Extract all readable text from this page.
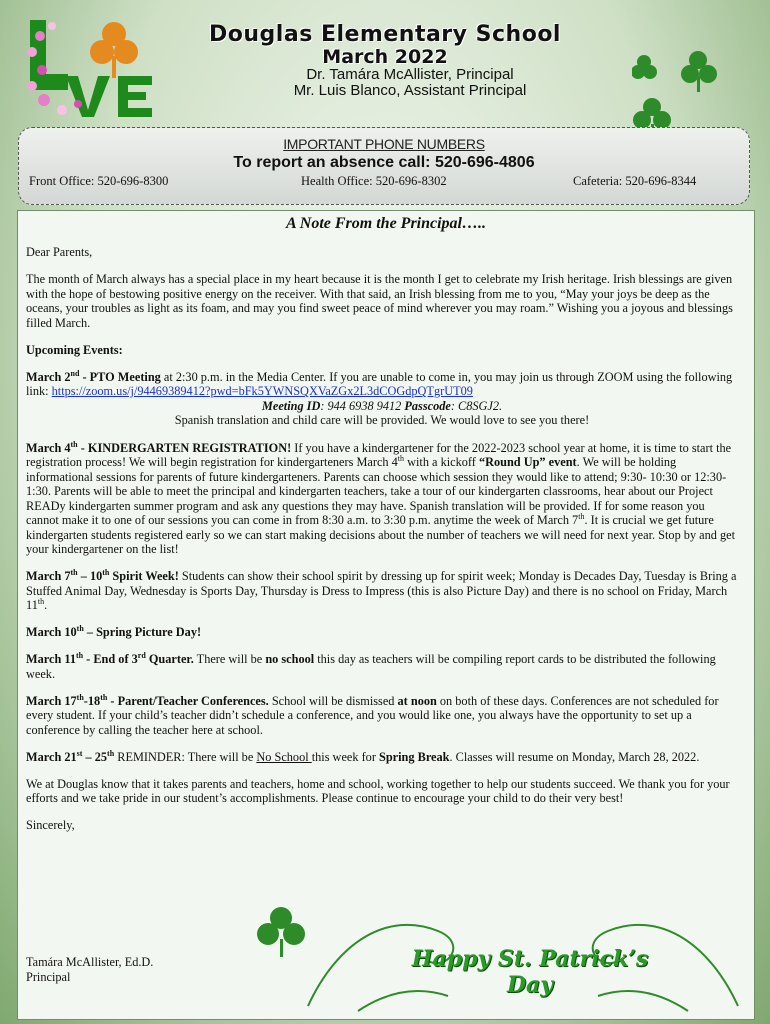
Douglas Elementary School
March 2022
Dr. Tamára McAllister, Principal
Mr. Luis Blanco, Assistant Principal
IMPORTANT PHONE NUMBERS
To report an absence call: 520-696-4806
Front Office: 520-696-8300	Health Office: 520-696-8302	Cafeteria: 520-696-8344
A Note From the Principal…..

Dear Parents,

The month of March always has a special place in my heart because it is the month I get to celebrate my Irish heritage. Irish blessings are given with the hope of bestowing positive energy on the receiver. With that said, an Irish blessing from me to you, “May your joys be deep as the oceans, your troubles as light as its foam, and may you find sweet peace of mind wherever you may roam.” Wishing you a joyous and blessings filled March.

Upcoming Events:

March 2nd - PTO Meeting at 2:30 p.m. in the Media Center. If you are unable to come in, you may join us through ZOOM using the following link: https://zoom.us/j/94469389412?pwd=bFk5YWNSQXVaZGx2L3dCOGdpQTgrUT09

Meeting ID: 944 6938 9412 Passcode: C8SGJ2.
Spanish translation and child care will be provided. We would love to see you there!

March 4th - KINDERGARTEN REGISTRATION! If you have a kindergartener for the 2022-2023 school year at home, it is time to start the registration process! We will begin registration for kindergarteners March 4th with a kickoff “Round Up” event. We will be holding informational sessions for parents of future kindergarteners. Parents can choose which session they would like to attend; 9:30- 10:30 or 12:30-1:30. Parents will be able to meet the principal and kindergarten teachers, take a tour of our kindergarten classrooms, hear about our Project READy kindergarten summer program and ask any questions they may have. Spanish translation will be provided. If for some reason you cannot make it to one of our sessions you can come in from 8:30 a.m. to 3:30 p.m. anytime the week of March 7th. It is crucial we get future kindergarten students registered early so we can start making decisions about the number of teachers we will need for next year. Stop by and get your kindergartener on the list!

March 7th – 10th Spirit Week! Students can show their school spirit by dressing up for spirit week; Monday is Decades Day, Tuesday is Bring a Stuffed Animal Day, Wednesday is Sports Day, Thursday is Dress to Impress (this is also Picture Day) and there is no school on Friday, March 11th.

March 10th – Spring Picture Day!

March 11th - End of 3rd Quarter. There will be no school this day as teachers will be compiling report cards to be distributed the following week.

March 17th-18th - Parent/Teacher Conferences. School will be dismissed at noon on both of these days. Conferences are not scheduled for every student. If your child’s teacher didn’t schedule a conference, and you would like one, you always have the opportunity to set up a conference by calling the teacher here at school.

March 21st – 25th REMINDER: There will be No School this week for Spring Break. Classes will resume on Monday, March 28, 2022.

We at Douglas know that it takes parents and teachers, home and school, working together to help our students succeed. We thank you for your efforts and we take pride in our student’s accomplishments. Please continue to encourage your child to do their very best!

Sincerely,

Happy St. Patrick’s Day
Tamára McAllister, Ed.D.
Principal
